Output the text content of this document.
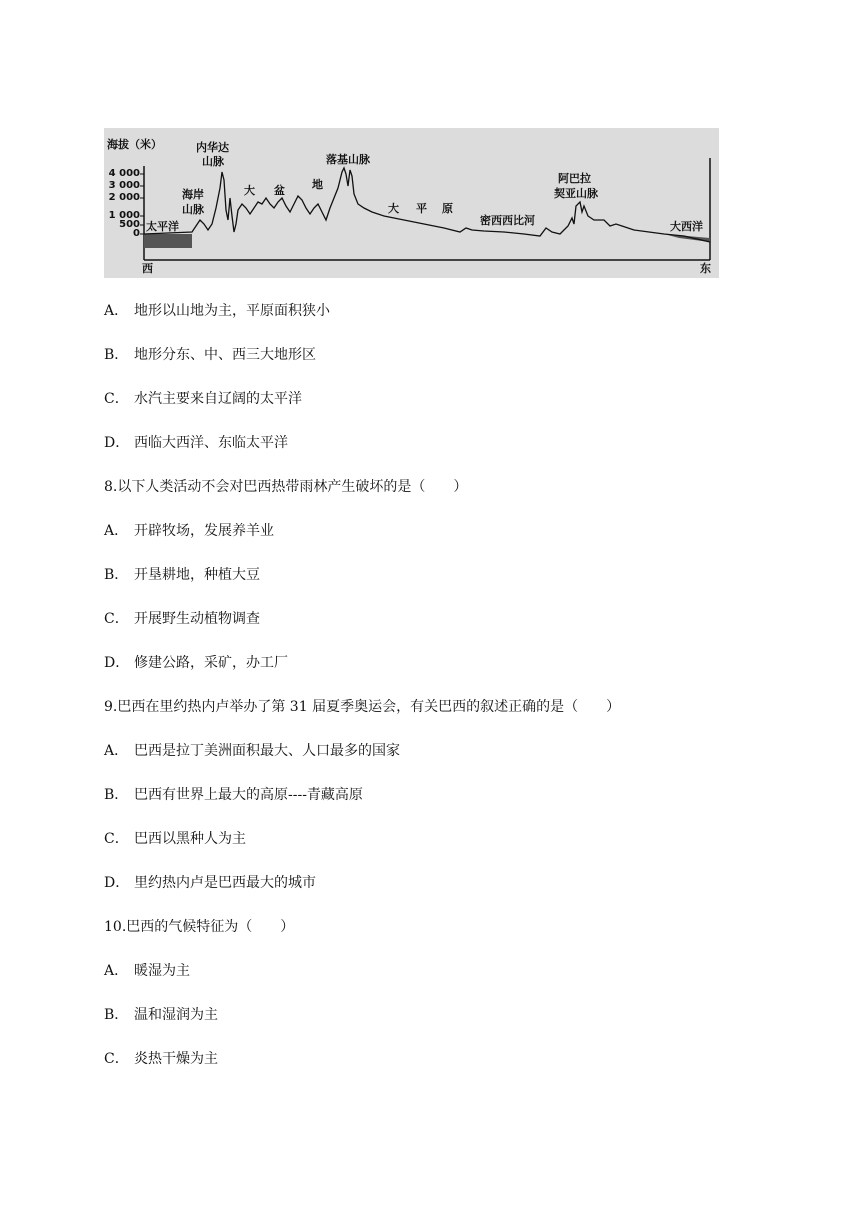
海拔（米）
4 000
3 000
2 000
1 000
500
0
西	东
太平洋
海岸
山脉
内华达
山脉
大 盆 地
落基山脉
大 平 原
密西西比河
阿巴拉
契亚山脉
大西洋
A． 地形以山地为主，平原面积狭小
B． 地形分东、中、西三大地形区
C． 水汽主要来自辽阔的太平洋
D． 西临大西洋、东临太平洋
8.以下人类活动不会对巴西热带雨林产生破坏的是（　　）
A． 开辟牧场，发展养羊业
B． 开垦耕地，种植大豆
C． 开展野生动植物调查
D． 修建公路，采矿，办工厂
9.巴西在里约热内卢举办了第 31 届夏季奥运会，有关巴西的叙述正确的是（　　）
A． 巴西是拉丁美洲面积最大、人口最多的国家
B． 巴西有世界上最大的高原----青藏高原
C． 巴西以黑种人为主
D． 里约热内卢是巴西最大的城市
10.巴西的气候特征为（　　）
A． 暖湿为主
B． 温和湿润为主
C． 炎热干燥为主
